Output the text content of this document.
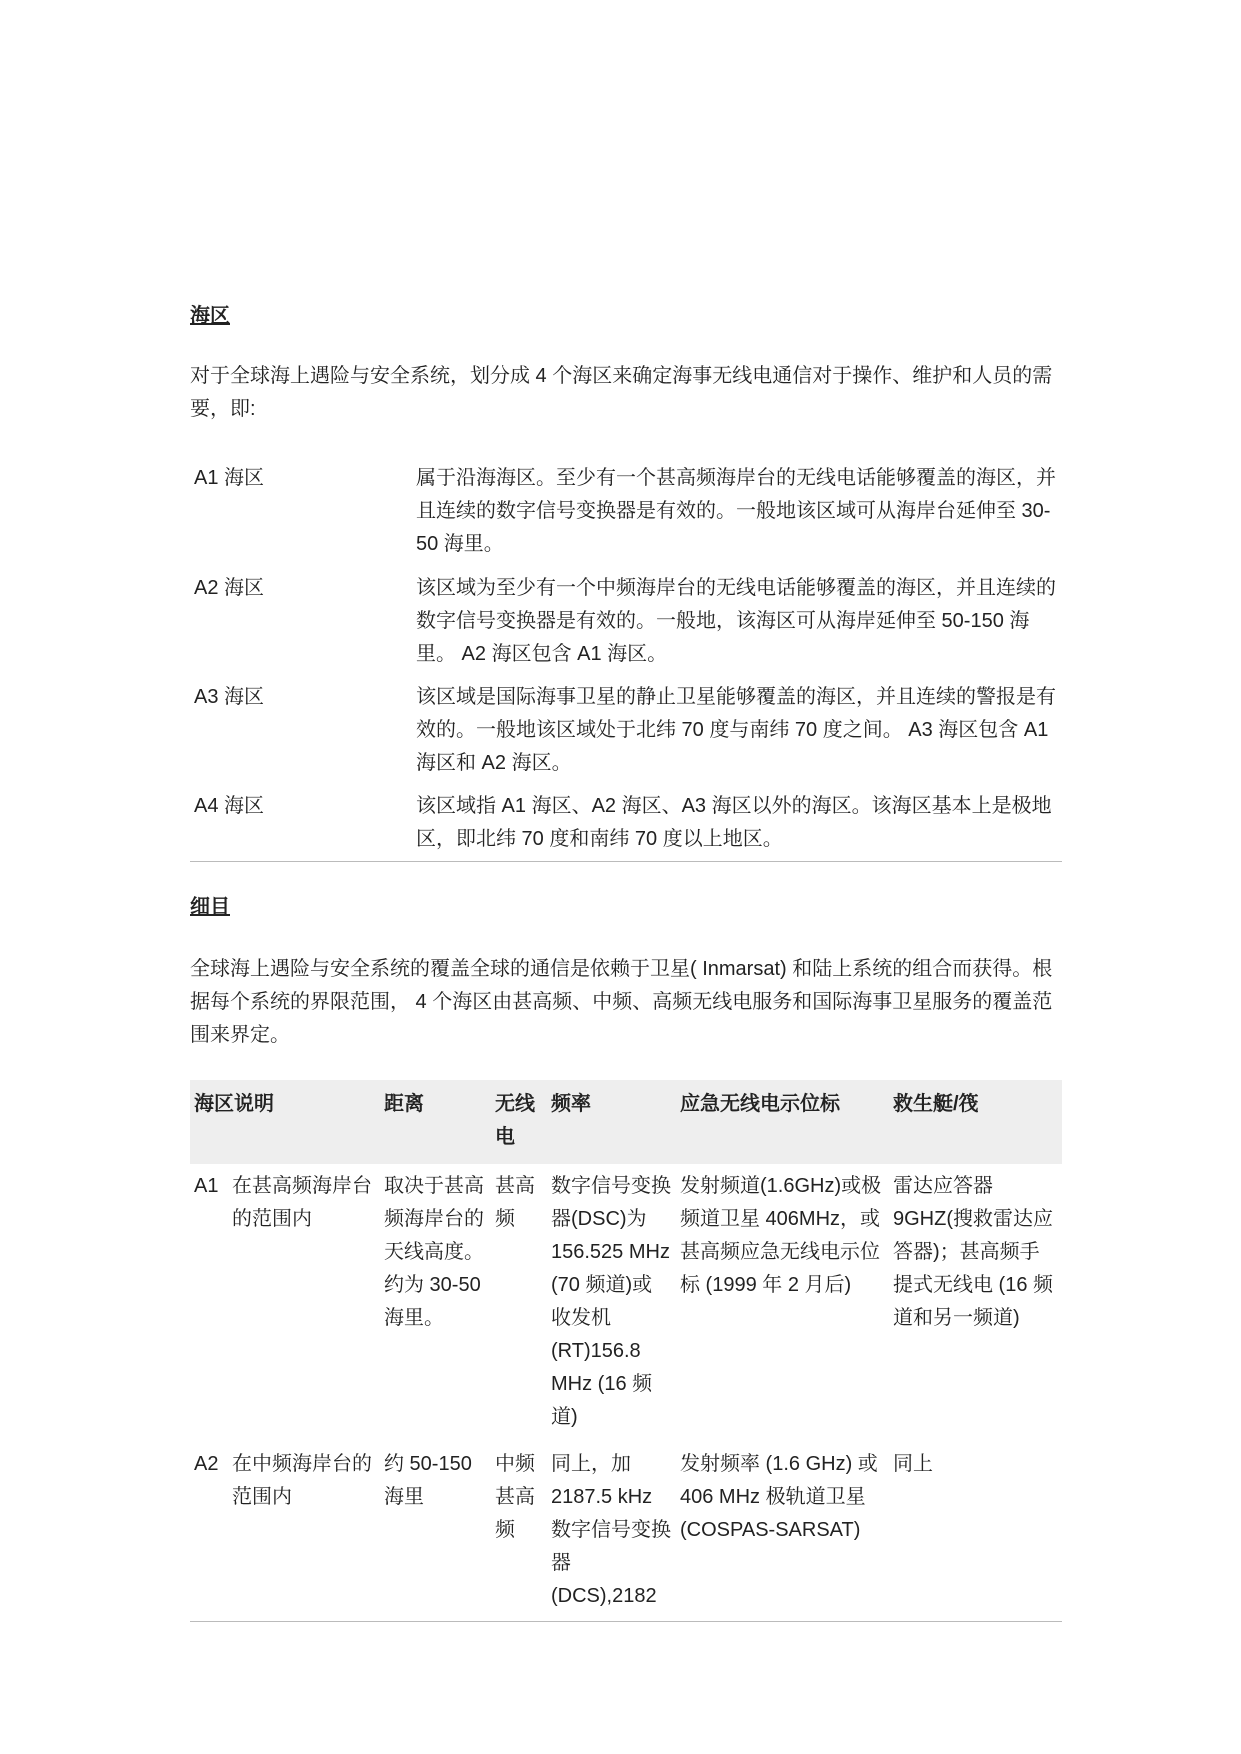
海区
对于全球海上遇险与安全系统，划分成 4 个海区来确定海事无线电通信对于操作、维护和人员的需要，即:
A1 海区	属于沿海海区。至少有一个甚高频海岸台的无线电话能够覆盖的海区，并且连续的数字信号变换器是有效的。一般地该区域可从海岸台延伸至 30-50 海里。
A2 海区	该区域为至少有一个中频海岸台的无线电话能够覆盖的海区，并且连续的数字信号变换器是有效的。一般地，该海区可从海岸延伸至 50-150 海里。 A2 海区包含 A1 海区。
A3 海区	该区域是国际海事卫星的静止卫星能够覆盖的海区，并且连续的警报是有效的。一般地该区域处于北纬 70 度与南纬 70 度之间。 A3 海区包含 A1 海区和 A2 海区。
A4 海区	该区域指 A1 海区、A2 海区、A3 海区以外的海区。该海区基本上是极地区，即北纬 70 度和南纬 70 度以上地区。
细目
全球海上遇险与安全系统的覆盖全球的通信是依赖于卫星( Inmarsat) 和陆上系统的组合而获得。根据每个系统的界限范围， 4 个海区由甚高频、中频、高频无线电服务和国际海事卫星服务的覆盖范围来界定。
海区说明		距离	无线电	频率	应急无线电示位标	救生艇/筏
A1	在甚高频海岸台的范围内	取决于甚高频海岸台的天线高度。约为 30-50 海里。	甚高频	数字信号变换器(DSC)为 156.525 MHz (70 频道)或收发机(RT)156.8 MHz (16 频道)	发射频道(1.6GHz)或极频道卫星 406MHz，或甚高频应急无线电示位标 (1999 年 2 月后)	雷达应答器 9GHZ(搜救雷达应答器)；甚高频手提式无线电 (16 频道和另一频道)
A2	在中频海岸台的范围内	约 50-150 海里	中频甚高频	同上，加 2187.5 kHz 数字信号变换器 (DCS),2182	发射频率 (1.6 GHz) 或 406 MHz 极轨道卫星 (COSPAS-SARSAT)	同上
